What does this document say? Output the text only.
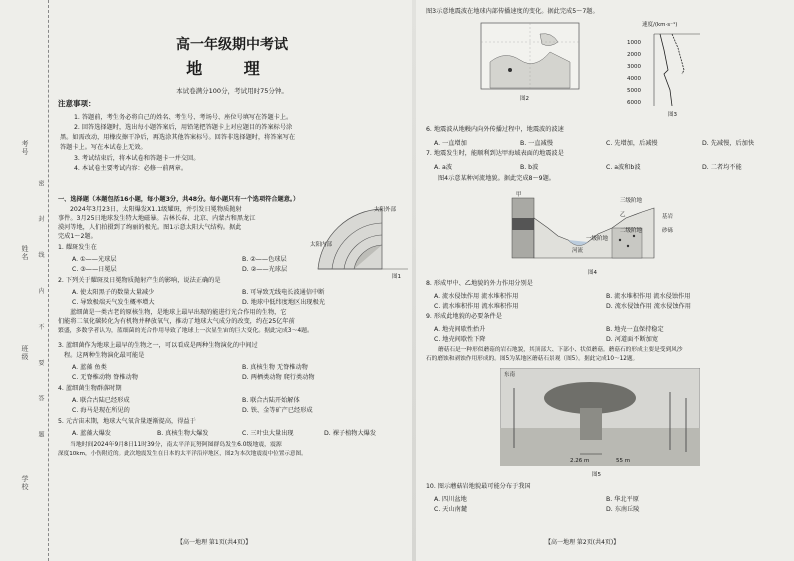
考号
姓名
班级
学校
密 封 线 内 不 要 答 题
高一年级期中考试
地 理
本试卷满分100分，考试用时75分钟。
注意事项：
1. 答题前，考生务必将自己的姓名、考生号、考场号、座位号填写在答题卡上。
2. 回答选择题时，选出每小题答案后，用铅笔把答题卡上对应题目的答案标号涂
黑。如需改动，用橡皮擦干净后，再选涂其他答案标号。回答非选择题时，将答案写在
答题卡上。写在本试卷上无效。
3. 考试结束后，将本试卷和答题卡一并交回。
4. 本试卷主要考试内容：必修一前两章。
一、选择题（本题包括16小题，每小题3分，共48分。每小题只有一个选项符合题意。）
2024年3月23日，太阳爆发X1.1级耀斑，并引发日冕物质抛射
事件。3月25日地球发生特大地磁暴。吉林长春、北京、内蒙古和黑龙江
漠河等地，人们拍摄到了绚丽的极光。图1示意太阳大气结构。据此
完成1～2题。
太阳外部
太阳内部
图1
1. 耀斑发生在
A. ①——光球层	B. ②——色球层
C. ③——日冕层	D. ②——光球层
2. 下列关于耀斑及日冕物质抛射产生的影响，说法正确的是
A. 使太阳黑子的数量大量减少	B. 可导致无线电长波通信中断
C. 导致极端天气发生概率增大	D. 地球中低纬度地区出现极光
蓝细菌是一类古老的原核生物，是地球上最早出现的能进行光合作用的生物，它
们能将二氧化碳转化为有机物并释放氧气，推动了地球大气成分的改变，约在25亿年前
繁盛，多数学者认为，蓝细菌的光合作用导致了地球上一次显生宙的巨大变化。据此完成3～4题。
3. 蓝细菌作为地球上最早的生物之一，可以看成是两种生物演化的中间过
程。这两种生物演化最可能是
A. 蓝藻 鱼类	B. 真核生物 无脊椎动物
C. 无脊椎动物 脊椎动物	D. 两栖类动物 爬行类动物
4. 蓝细菌生物群落时期
A. 联合古陆已经形成	B. 联合古陆开始解体
C. 海马是现在所见的	D. 铁、金等矿产已经形成
5. 元古宙末期，地球大气氧含量逐渐提高，得益于
A. 蓝藻大爆发	B. 真核生物大爆发	C. 三叶虫大量出现	D. 裸子植物大爆发
当地时间2024年9月8日11时39分，南太平洋瓦努阿图群岛发生6.0级地震，震源
深度10km，小伤附近的。此次地震发生在日本的太平洋沿岸地区，图2为本次地震震中位置示意图。
【高一地理 第1页(共4页)】
图3示意地震波在地球内部传播速度的变化。据此完成5～7题。
图2
速度/(km·s⁻¹)
1000
2000
3000
4000
5000
6000
图3
6. 地震波从地幔内向外传播过程中，地震波的波速
A. 一直增加	B. 一直减慢	C. 先增加，后减慢	D. 先减慢，后加快
7. 地震发生时，能顺利到达甲海域表面的地震波是
A. a波	B. b波	C. a波和b波	D. 二者均不能
图4示意某种河流地貌。据此完成8～9题。
甲
乙
河流
三级阶地
二级阶地
一级阶地
基岩
砂砾
图4
8. 形成甲中、乙地貌的外力作用分别是
A. 流水侵蚀作用 流水堆积作用	B. 流水堆积作用 流水侵蚀作用
C. 流水堆积作用 流水堆积作用	D. 流水侵蚀作用 流水侵蚀作用
9. 形成此地貌的必要条件是
A. 地壳间歇性抬升	B. 地壳一直保持稳定
C. 地壳间歇性下降	D. 河道面不断加宽
蘑菇石是一种形似蘑菇的岩石地貌，其顶部大、下部小、状似蘑菇。蘑菇石的形成主要是受到风沙
石的磨蚀和剥蚀作用形成的。图5为某地区蘑菇石景观（图5）。据此完成10～12题。
东南
2.26 m	55 m
图5
10. 图示蘑菇岩地貌最可能分布于我国
A. 四川盆地	B. 华北平原
C. 天山南麓	D. 东南丘陵
【高一地理 第2页(共4页)】
